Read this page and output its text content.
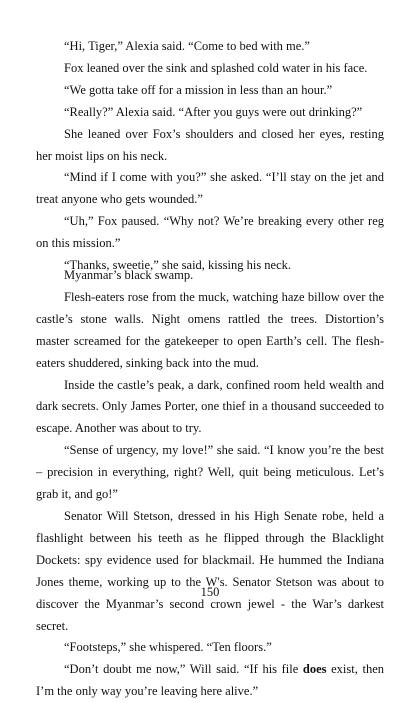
“Hi, Tiger,” Alexia said. “Come to bed with me.”

Fox leaned over the sink and splashed cold water in his face.

“We gotta take off for a mission in less than an hour.”

“Really?” Alexia said. “After you guys were out drinking?”

She leaned over Fox’s shoulders and closed her eyes, resting her moist lips on his neck.

“Mind if I come with you?” she asked. “I’ll stay on the jet and treat anyone who gets wounded.”

“Uh,” Fox paused. “Why not? We’re breaking every other reg on this mission.”

“Thanks, sweetie,” she said, kissing his neck.

Myanmar’s black swamp.

Flesh-eaters rose from the muck, watching haze billow over the castle’s stone walls. Night omens rattled the trees. Distortion’s master screamed for the gatekeeper to open Earth’s cell. The flesh-eaters shuddered, sinking back into the mud.

Inside the castle’s peak, a dark, confined room held wealth and dark secrets. Only James Porter, one thief in a thousand succeeded to escape. Another was about to try.

“Sense of urgency, my love!” she said. “I know you’re the best – precision in everything, right? Well, quit being meticulous. Let’s grab it, and go!”

Senator Will Stetson, dressed in his High Senate robe, held a flashlight between his teeth as he flipped through the Blacklight Dockets: spy evidence used for blackmail. He hummed the Indiana Jones theme, working up to the W's. Senator Stetson was about to discover the Myanmar’s second crown jewel - the War’s darkest secret.

“Footsteps,” she whispered. “Ten floors.”

“Don’t doubt me now,” Will said. “If his file does exist, then I’m the only way you’re leaving here alive.”

150
